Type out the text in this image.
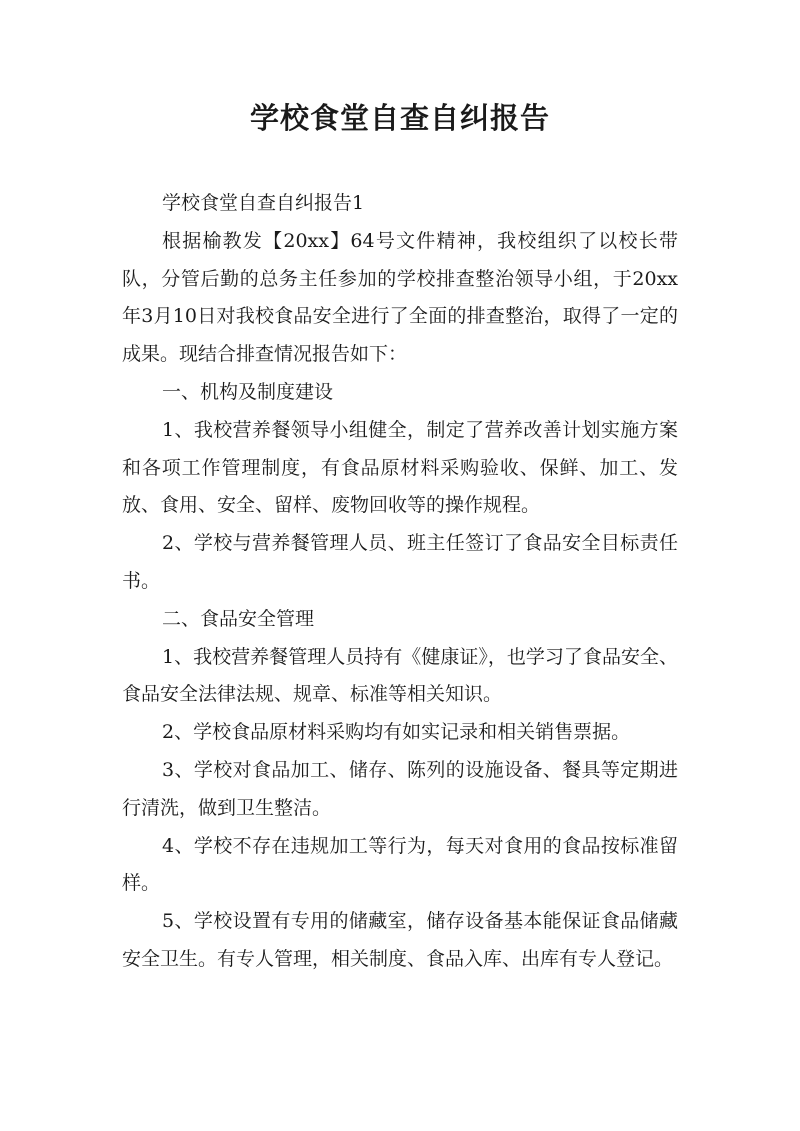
学校食堂自查自纠报告

学校食堂自查自纠报告1

根据榆教发【20xx】64号文件精神，我校组织了以校长带队，分管后勤的总务主任参加的学校排查整治领导小组，于20xx年3月10日对我校食品安全进行了全面的排查整治，取得了一定的成果。现结合排查情况报告如下：

一、机构及制度建设

1、我校营养餐领导小组健全，制定了营养改善计划实施方案和各项工作管理制度，有食品原材料采购验收、保鲜、加工、发放、食用、安全、留样、废物回收等的操作规程。

2、学校与营养餐管理人员、班主任签订了食品安全目标责任书。

二、食品安全管理

1、我校营养餐管理人员持有《健康证》，也学习了食品安全、食品安全法律法规、规章、标准等相关知识。

2、学校食品原材料采购均有如实记录和相关销售票据。

3、学校对食品加工、储存、陈列的设施设备、餐具等定期进行清洗，做到卫生整洁。

4、学校不存在违规加工等行为，每天对食用的食品按标准留样。

5、学校设置有专用的储藏室，储存设备基本能保证食品储藏安全卫生。有专人管理，相关制度、食品入库、出库有专人登记。
